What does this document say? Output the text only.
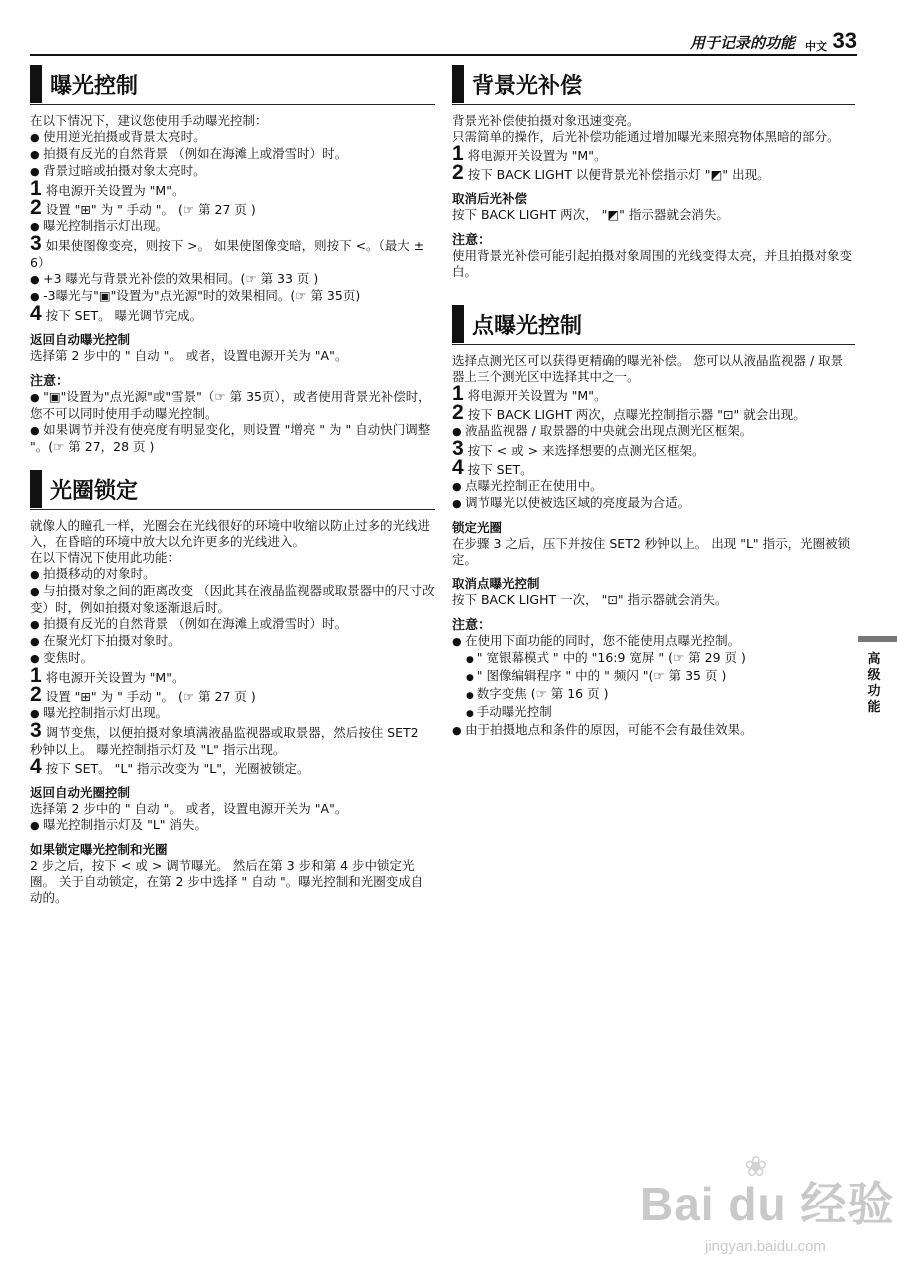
用于记录的功能 中文 33
曝光控制
在以下情况下，建议您使用手动曝光控制：
● 使用逆光拍摄或背景太亮时。
● 拍摄有反光的自然背景 （例如在海滩上或滑雪时）时。
● 背景过暗或拍摄对象太亮时。
1 将电源开关设置为 "M"。
2 设置 "⊞" 为 " 手动 "。 (☞ 第 27 页 )
● 曝光控制指示灯出现。
3 如果使图像变亮，则按下 >。 如果使图像变暗，则按下 <。（最大 ± 6）
● +3 曝光与背景光补偿的效果相同。(☞ 第 33 页 )
● -3曝光与"▣"设置为"点光源"时的效果相同。(☞ 第 35页)
4 按下 SET。 曝光调节完成。
返回自动曝光控制
选择第 2 步中的 " 自动 "。 或者，设置电源开关为 "A"。
注意：
● "▣"设置为"点光源"或"雪景"（☞ 第 35页），或者使用背景光补偿时，您不可以同时使用手动曝光控制。
● 如果调节并没有使亮度有明显变化，则设置 "增亮 " 为 " 自动快门调整 "。(☞ 第 27，28 页 )
光圈锁定
就像人的瞳孔一样，光圈会在光线很好的环境中收缩以防止过多的光线进入，在昏暗的环境中放大以允许更多的光线进入。
在以下情况下使用此功能：
● 拍摄移动的对象时。
● 与拍摄对象之间的距离改变 （因此其在液晶监视器或取景器中的尺寸改变）时，例如拍摄对象逐渐退后时。
● 拍摄有反光的自然背景 （例如在海滩上或滑雪时）时。
● 在聚光灯下拍摄对象时。
● 变焦时。
1 将电源开关设置为 "M"。
2 设置 "⊞" 为 " 手动 "。 (☞ 第 27 页 )
● 曝光控制指示灯出现。
3 调节变焦，以便拍摄对象填满液晶监视器或取景器，然后按住 SET2 秒钟以上。 曝光控制指示灯及 "L" 指示出现。
4 按下 SET。 "L" 指示改变为 "L"，光圈被锁定。
返回自动光圈控制
选择第 2 步中的 " 自动 "。 或者，设置电源开关为 "A"。
● 曝光控制指示灯及 "L" 消失。
如果锁定曝光控制和光圈
2 步之后，按下 < 或 > 调节曝光。 然后在第 3 步和第 4 步中锁定光圈。 关于自动锁定，在第 2 步中选择 " 自动 "。曝光控制和光圈变成自动的。
背景光补偿
背景光补偿使拍摄对象迅速变亮。
只需简单的操作，后光补偿功能通过增加曝光来照亮物体黑暗的部分。
1 将电源开关设置为 "M"。
2 按下 BACK LIGHT 以便背景光补偿指示灯 "◩" 出现。
取消后光补偿
按下 BACK LIGHT 两次， "◩" 指示器就会消失。
注意：
使用背景光补偿可能引起拍摄对象周围的光线变得太亮，并且拍摄对象变白。
点曝光控制
选择点测光区可以获得更精确的曝光补偿。 您可以从液晶监视器 / 取景器上三个测光区中选择其中之一。
1 将电源开关设置为 "M"。
2 按下 BACK LIGHT 两次，点曝光控制指示器 "⊡" 就会出现。
● 液晶监视器 / 取景器的中央就会出现点测光区框架。
3 按下 < 或 > 来选择想要的点测光区框架。
4 按下 SET。
● 点曝光控制正在使用中。
● 调节曝光以使被选区域的亮度最为合适。
锁定光圈
在步骤 3 之后，压下并按住 SET2 秒钟以上。 出现 "L" 指示，光圈被锁定。
取消点曝光控制
按下 BACK LIGHT 一次， "⊡" 指示器就会消失。
注意：
● 在使用下面功能的同时，您不能使用点曝光控制。
● " 宽银幕模式 " 中的 "16:9 宽屏 " (☞ 第 29 页 )
● " 图像编辑程序 " 中的 " 频闪 "(☞ 第 35 页 )
● 数字变焦 (☞ 第 16 页 )
● 手动曝光控制
● 由于拍摄地点和条件的原因，可能不会有最佳效果。
高级功能
❀
Bai du 经验
jingyan.baidu.com
